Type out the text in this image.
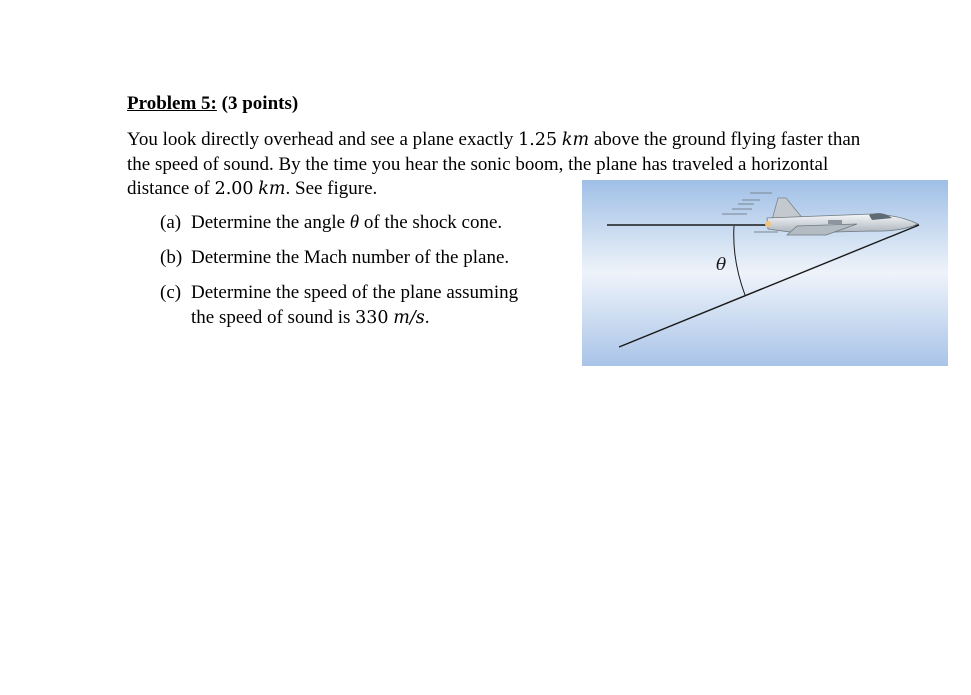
Problem 5: (3 points)
You look directly overhead and see a plane exactly 1.25 km above the ground flying faster than
the speed of sound. By the time you hear the sonic boom, the plane has traveled a horizontal
distance of 2.00 km. See figure.
(a) Determine the angle θ of the shock cone.
(b) Determine the Mach number of the plane.
(c) Determine the speed of the plane assuming
the speed of sound is 330 m/s.
θ
